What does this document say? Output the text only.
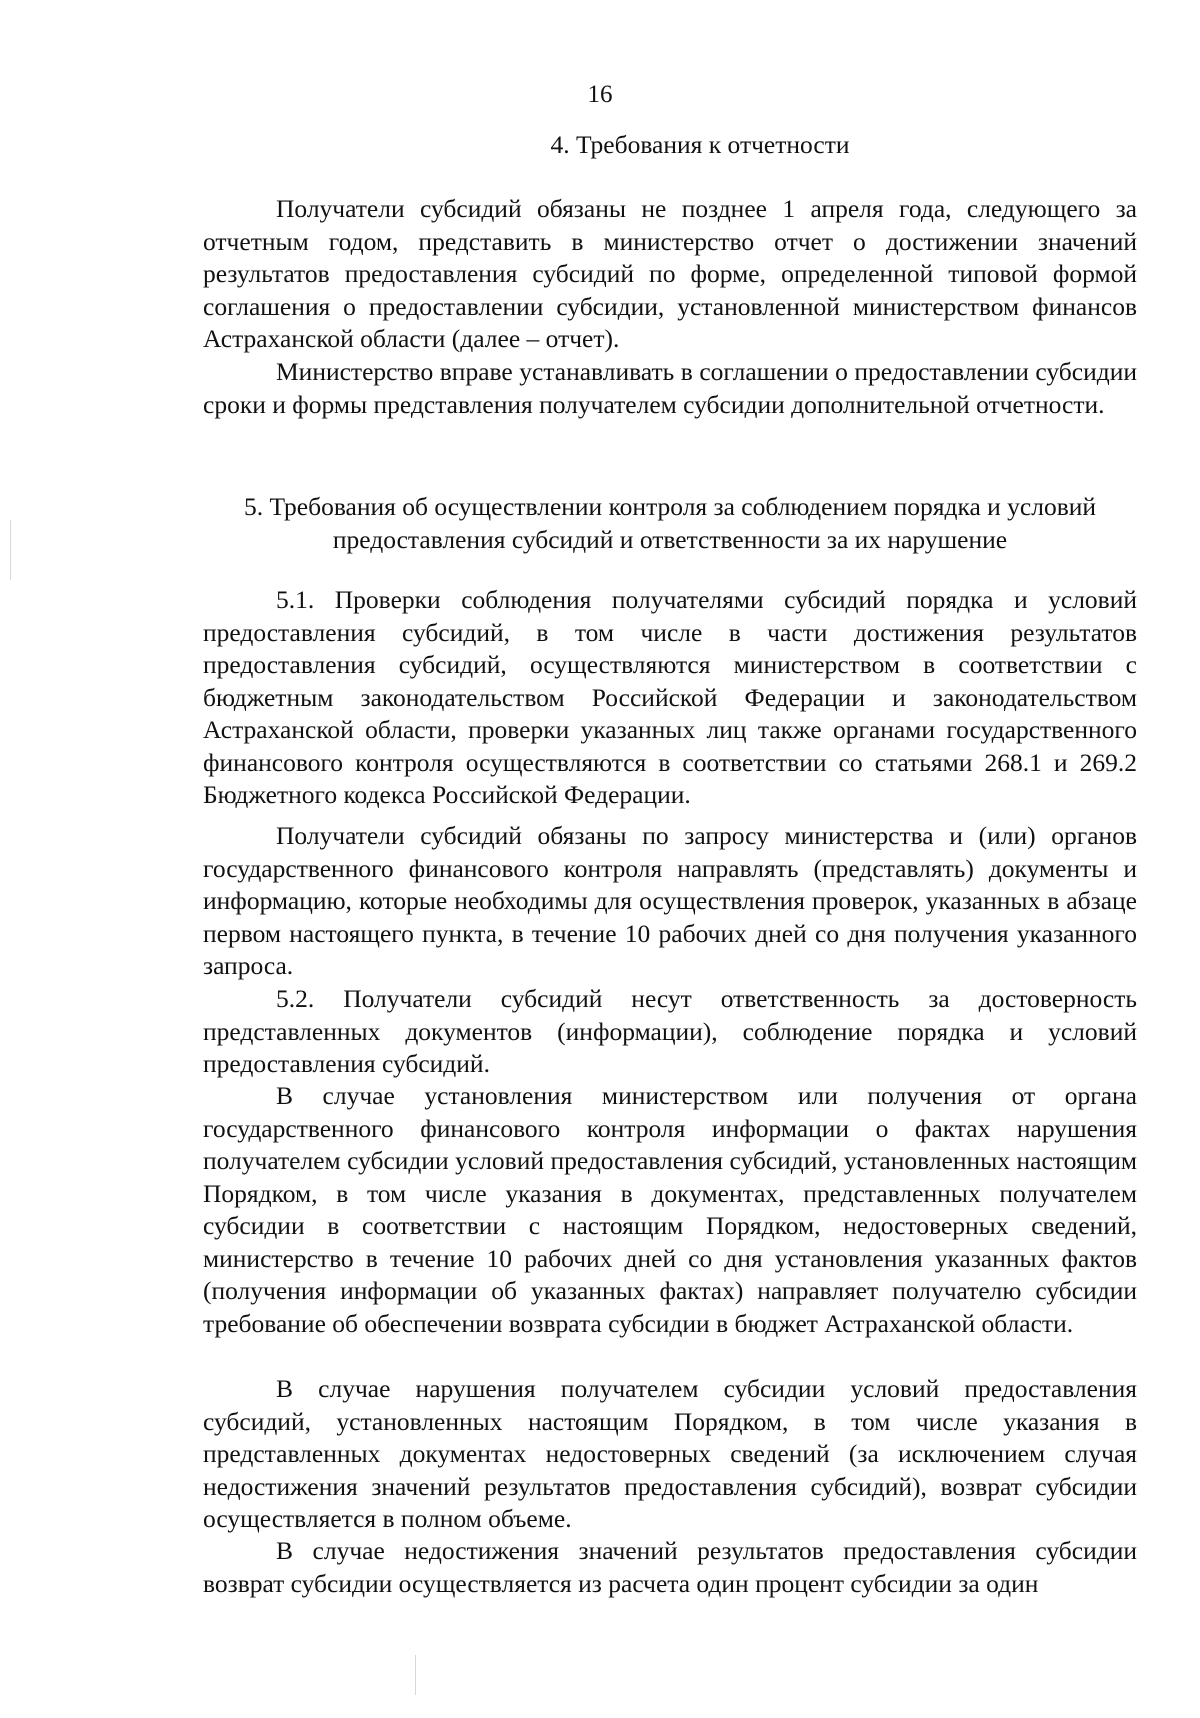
16
4. Требования к отчетности

Получатели субсидий обязаны не позднее 1 апреля года, следующего за отчетным годом, представить в министерство отчет о достижении значений результатов предоставления субсидий по форме, определенной типовой формой соглашения о предоставлении субсидии, установленной министерством финансов Астраханской области (далее – отчет).

Министерство вправе устанавливать в соглашении о предоставлении субсидии сроки и формы представления получателем субсидии дополнительной отчетности.

5. Требования об осуществлении контроля за соблюдением порядка и условий предоставления субсидий и ответственности за их нарушение

5.1. Проверки соблюдения получателями субсидий порядка и условий предоставления субсидий, в том числе в части достижения результатов предоставления субсидий, осуществляются министерством в соответствии с бюджетным законодательством Российской Федерации и законодательством Астраханской области, проверки указанных лиц также органами государственного финансового контроля осуществляются в соответствии со статьями 268.1 и 269.2 Бюджетного кодекса Российской Федерации.

Получатели субсидий обязаны по запросу министерства и (или) органов государственного финансового контроля направлять (представлять) документы и информацию, которые необходимы для осуществления проверок, указанных в абзаце первом настоящего пункта, в течение 10 рабочих дней со дня получения указанного запроса.

5.2. Получатели субсидий несут ответственность за достоверность представленных документов (информации), соблюдение порядка и условий предоставления субсидий.

В случае установления министерством или получения от органа государственного финансового контроля информации о фактах нарушения получателем субсидии условий предоставления субсидий, установленных настоящим Порядком, в том числе указания в документах, представленных получателем субсидии в соответствии с настоящим Порядком, недостоверных сведений, министерство в течение 10 рабочих дней со дня установления указанных фактов (получения информации об указанных фактах) направляет получателю субсидии требование об обеспечении возврата субсидии в бюджет Астраханской области.

В случае нарушения получателем субсидии условий предоставления субсидий, установленных настоящим Порядком, в том числе указания в представленных документах недостоверных сведений (за исключением случая недостижения значений результатов предоставления субсидий), возврат субсидии осуществляется в полном объеме.

В случае недостижения значений результатов предоставления субсидии возврат субсидии осуществляется из расчета один процент субсидии за один
